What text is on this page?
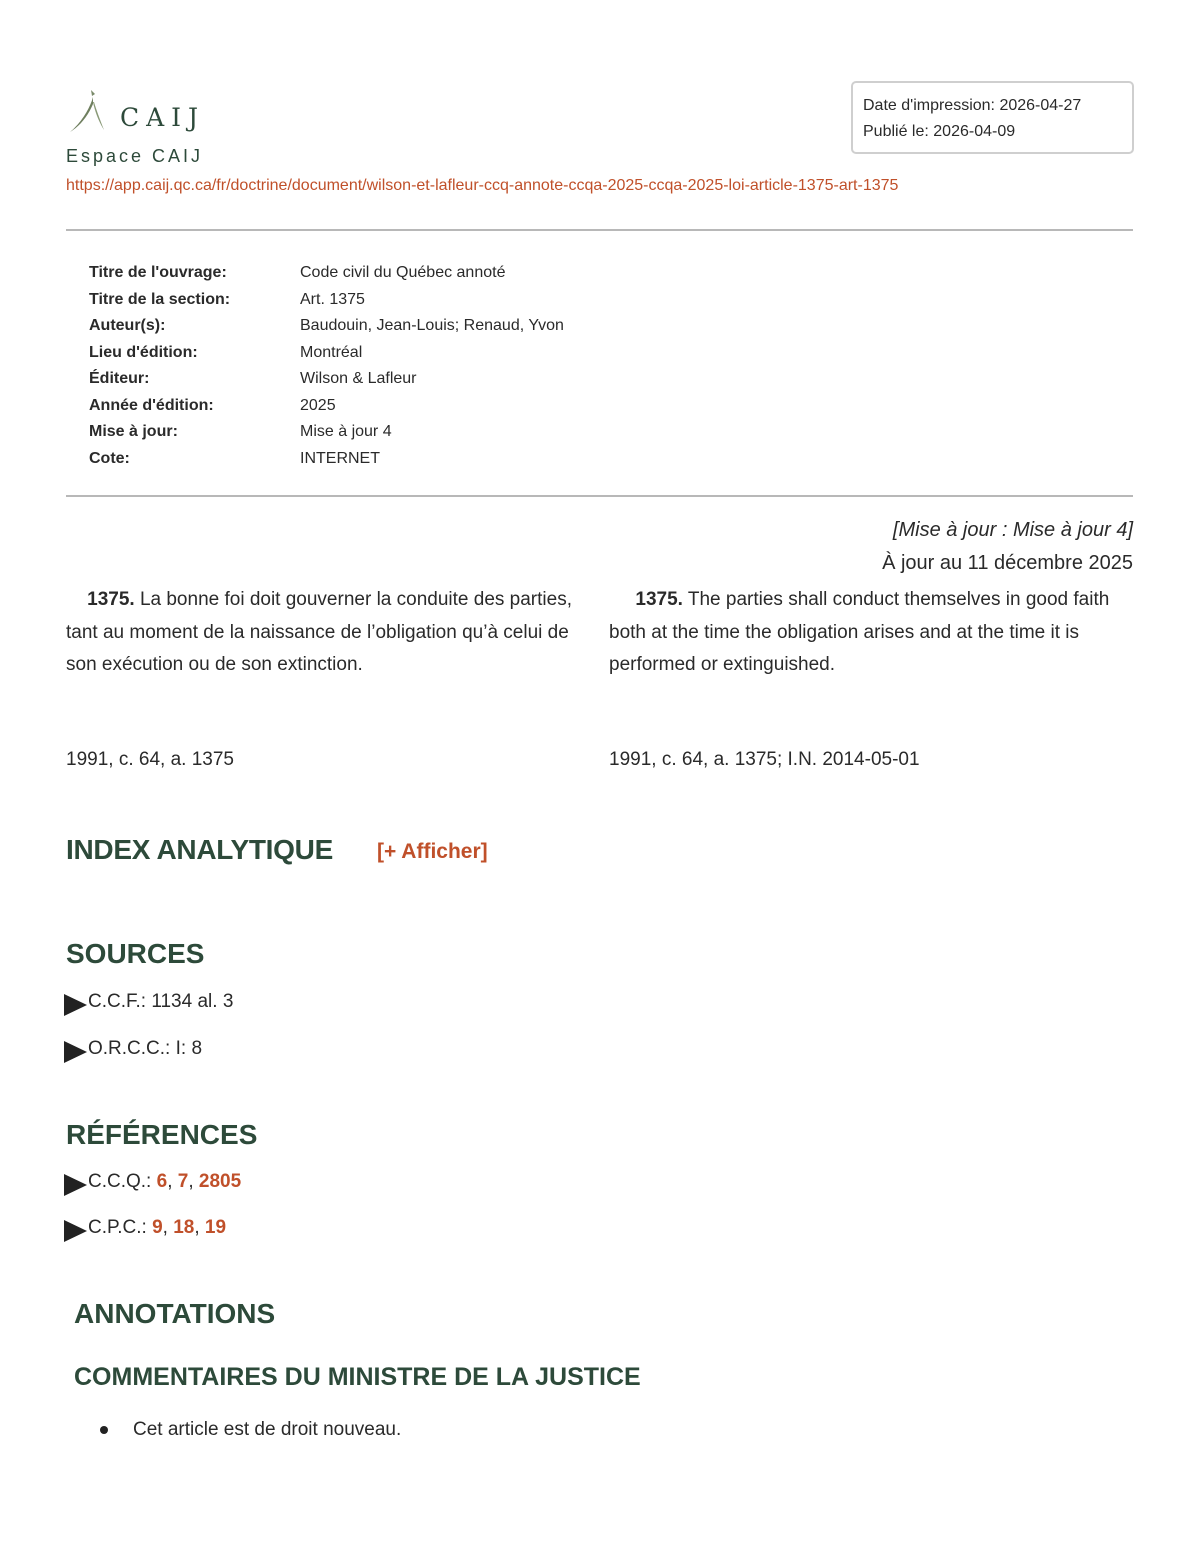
CAIJ
Espace CAIJ
https://app.caij.qc.ca/fr/doctrine/document/wilson-et-lafleur-ccq-annote-ccqa-2025-ccqa-2025-loi-article-1375-art-1375
Date d'impression: 2026-04-27
Publié le: 2026-04-09
Titre de l'ouvrage:	Code civil du Québec annoté
Titre de la section:	Art. 1375
Auteur(s):	Baudouin, Jean-Louis; Renaud, Yvon
Lieu d'édition:	Montréal
Éditeur:	Wilson & Lafleur
Année d'édition:	2025
Mise à jour:	Mise à jour 4
Cote:	INTERNET
[Mise à jour : Mise à jour 4]
À jour au 11 décembre 2025
1375. La bonne foi doit gouverner la conduite des parties, tant au moment de la naissance de l’obligation qu’à celui de son exécution ou de son extinction.
1375. The parties shall conduct themselves in good faith both at the time the obligation arises and at the time it is performed or extinguished.
1991, c. 64, a. 1375	1991, c. 64, a. 1375; I.N. 2014-05-01
INDEX ANALYTIQUE [+ Afficher]
SOURCES
C.C.F.: 1134 al. 3
O.R.C.C.: I: 8
RÉFÉRENCES
C.C.Q.:
6 , 7 , 2805
C.P.C.:
9 , 18 , 19
ANNOTATIONS
COMMENTAIRES DU MINISTRE DE LA JUSTICE
Cet article est de droit nouveau.
